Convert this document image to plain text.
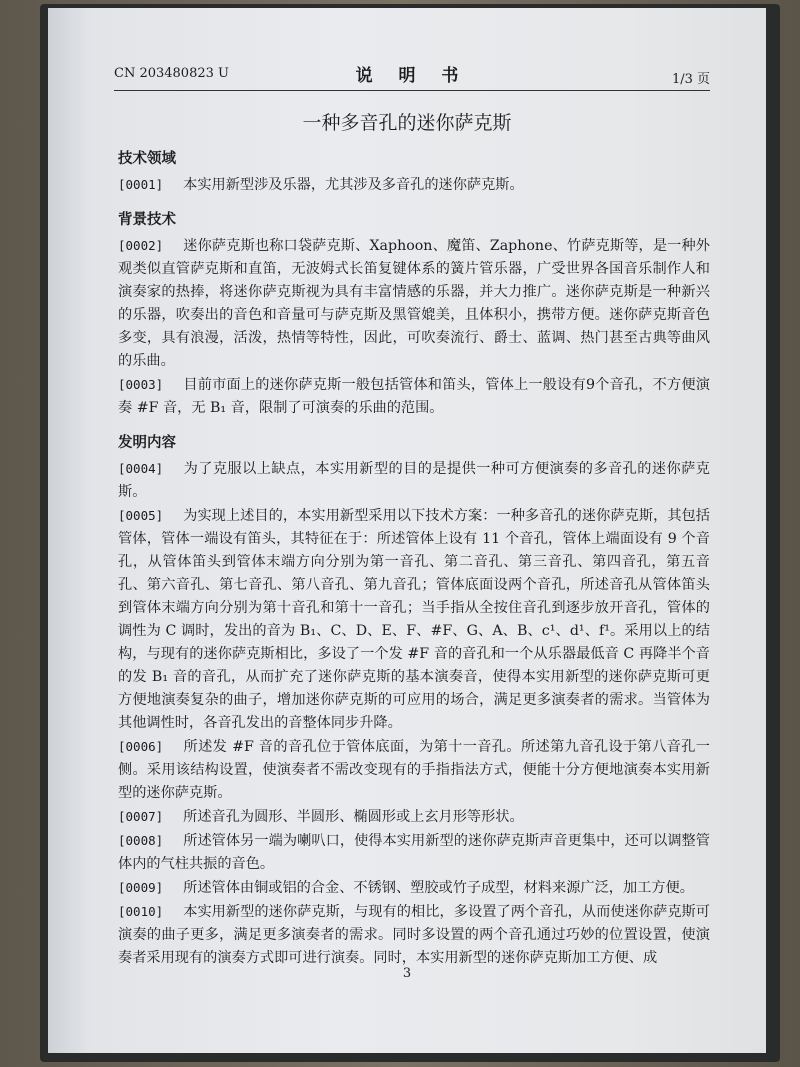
CN 203480823 U	说 明 书	1/3 页
一种多音孔的迷你萨克斯
技术领域

[0001] 本实用新型涉及乐器，尤其涉及多音孔的迷你萨克斯。

背景技术

[0002] 迷你萨克斯也称口袋萨克斯、Xaphoon、魔笛、Zaphone、竹萨克斯等，是一种外观类似直管萨克斯和直笛，无波姆式长笛复键体系的簧片管乐器，广受世界各国音乐制作人和演奏家的热捧，将迷你萨克斯视为具有丰富情感的乐器，并大力推广。迷你萨克斯是一种新兴的乐器，吹奏出的音色和音量可与萨克斯及黑管媲美，且体积小，携带方便。迷你萨克斯音色多变，具有浪漫，活泼，热情等特性，因此，可吹奏流行、爵士、蓝调、热门甚至古典等曲风的乐曲。

[0003] 目前市面上的迷你萨克斯一般包括管体和笛头，管体上一般设有9个音孔，不方便演奏 #F 音，无 B₁ 音，限制了可演奏的乐曲的范围。

发明内容

[0004] 为了克服以上缺点，本实用新型的目的是提供一种可方便演奏的多音孔的迷你萨克斯。

[0005] 为实现上述目的，本实用新型采用以下技术方案：一种多音孔的迷你萨克斯，其包括管体，管体一端设有笛头，其特征在于：所述管体上设有 11 个音孔，管体上端面设有 9 个音孔，从管体笛头到管体末端方向分别为第一音孔、第二音孔、第三音孔、第四音孔，第五音孔、第六音孔、第七音孔、第八音孔、第九音孔；管体底面设两个音孔，所述音孔从管体笛头到管体末端方向分别为第十音孔和第十一音孔；当手指从全按住音孔到逐步放开音孔，管体的调性为 C 调时，发出的音为 B₁、C、D、E、F、#F、G、A、B、c¹、d¹、f¹。采用以上的结构，与现有的迷你萨克斯相比，多设了一个发 #F 音的音孔和一个从乐器最低音 C 再降半个音的发 B₁ 音的音孔，从而扩充了迷你萨克斯的基本演奏音，使得本实用新型的迷你萨克斯可更方便地演奏复杂的曲子，增加迷你萨克斯的可应用的场合，满足更多演奏者的需求。当管体为其他调性时，各音孔发出的音整体同步升降。

[0006] 所述发 #F 音的音孔位于管体底面，为第十一音孔。所述第九音孔设于第八音孔一侧。采用该结构设置，使演奏者不需改变现有的手指指法方式，便能十分方便地演奏本实用新型的迷你萨克斯。

[0007] 所述音孔为圆形、半圆形、椭圆形或上玄月形等形状。

[0008] 所述管体另一端为喇叭口，使得本实用新型的迷你萨克斯声音更集中，还可以调整管体内的气柱共振的音色。

[0009] 所述管体由铜或铝的合金、不锈钢、塑胶或竹子成型，材料来源广泛，加工方便。

[0010] 本实用新型的迷你萨克斯，与现有的相比，多设置了两个音孔，从而使迷你萨克斯可演奏的曲子更多，满足更多演奏者的需求。同时多设置的两个音孔通过巧妙的位置设置，使演奏者采用现有的演奏方式即可进行演奏。同时，本实用新型的迷你萨克斯加工方便、成

3
